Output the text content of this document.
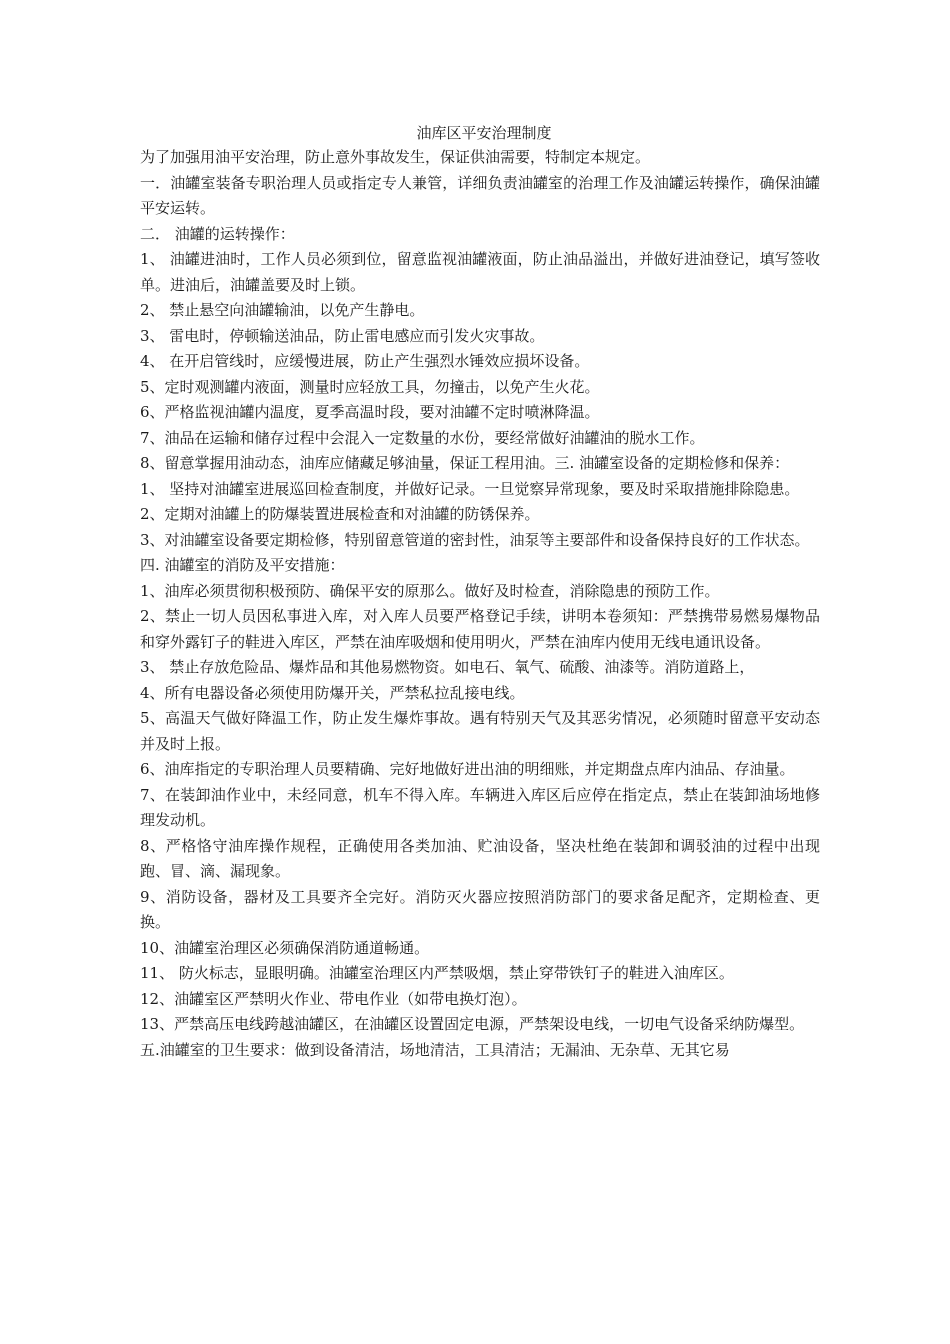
油库区平安治理制度

为了加强用油平安治理，防止意外事故发生，保证供油需要，特制定本规定。

一．油罐室装备专职治理人员或指定专人兼管，详细负责油罐室的治理工作及油罐运转操作，确保油罐平安运转。

二． 油罐的运转操作：

1、 油罐进油时，工作人员必须到位，留意监视油罐液面，防止油品溢出，并做好进油登记，填写签收单。进油后，油罐盖要及时上锁。

2、 禁止悬空向油罐输油，以免产生静电。

3、 雷电时，停顿输送油品，防止雷电感应而引发火灾事故。

4、 在开启管线时，应缓慢进展，防止产生强烈水锤效应损坏设备。

5、定时观测罐内液面，测量时应轻放工具，勿撞击，以免产生火花。

6、严格监视油罐内温度，夏季高温时段，要对油罐不定时喷淋降温。

7、油品在运输和储存过程中会混入一定数量的水份，要经常做好油罐油的脱水工作。

8、留意掌握用油动态，油库应储藏足够油量，保证工程用油。三. 油罐室设备的定期检修和保养：

1、 坚持对油罐室进展巡回检查制度，并做好记录。一旦觉察异常现象，要及时采取措施排除隐患。

2、定期对油罐上的防爆装置进展检查和对油罐的防锈保养。

3、对油罐室设备要定期检修，特别留意管道的密封性，油泵等主要部件和设备保持良好的工作状态。

四. 油罐室的消防及平安措施：

1、油库必须贯彻积极预防、确保平安的原那么。做好及时检查，消除隐患的预防工作。

2、禁止一切人员因私事进入库，对入库人员要严格登记手续，讲明本卷须知：严禁携带易燃易爆物品和穿外露钉子的鞋进入库区，严禁在油库吸烟和使用明火，严禁在油库内使用无线电通讯设备。

3、 禁止存放危险品、爆炸品和其他易燃物资。如电石、氧气、硫酸、油漆等。消防道路上，

4、所有电器设备必须使用防爆开关，严禁私拉乱接电线。

5、高温天气做好降温工作，防止发生爆炸事故。遇有特别天气及其恶劣情况，必须随时留意平安动态并及时上报。

6、油库指定的专职治理人员要精确、完好地做好进出油的明细账，并定期盘点库内油品、存油量。

7、在装卸油作业中，未经同意，机车不得入库。车辆进入库区后应停在指定点，禁止在装卸油场地修理发动机。

8、严格恪守油库操作规程，正确使用各类加油、贮油设备，坚决杜绝在装卸和调驳油的过程中出现跑、冒、滴、漏现象。

9、消防设备，器材及工具要齐全完好。消防灭火器应按照消防部门的要求备足配齐，定期检查、更换。

10、油罐室治理区必须确保消防通道畅通。

11、 防火标志，显眼明确。油罐室治理区内严禁吸烟，禁止穿带铁钉子的鞋进入油库区。

12、油罐室区严禁明火作业、带电作业（如带电换灯泡）。

13、严禁高压电线跨越油罐区，在油罐区设置固定电源，严禁架设电线，一切电气设备采纳防爆型。

五.油罐室的卫生要求：做到设备清洁，场地清洁，工具清洁；无漏油、无杂草、无其它易
